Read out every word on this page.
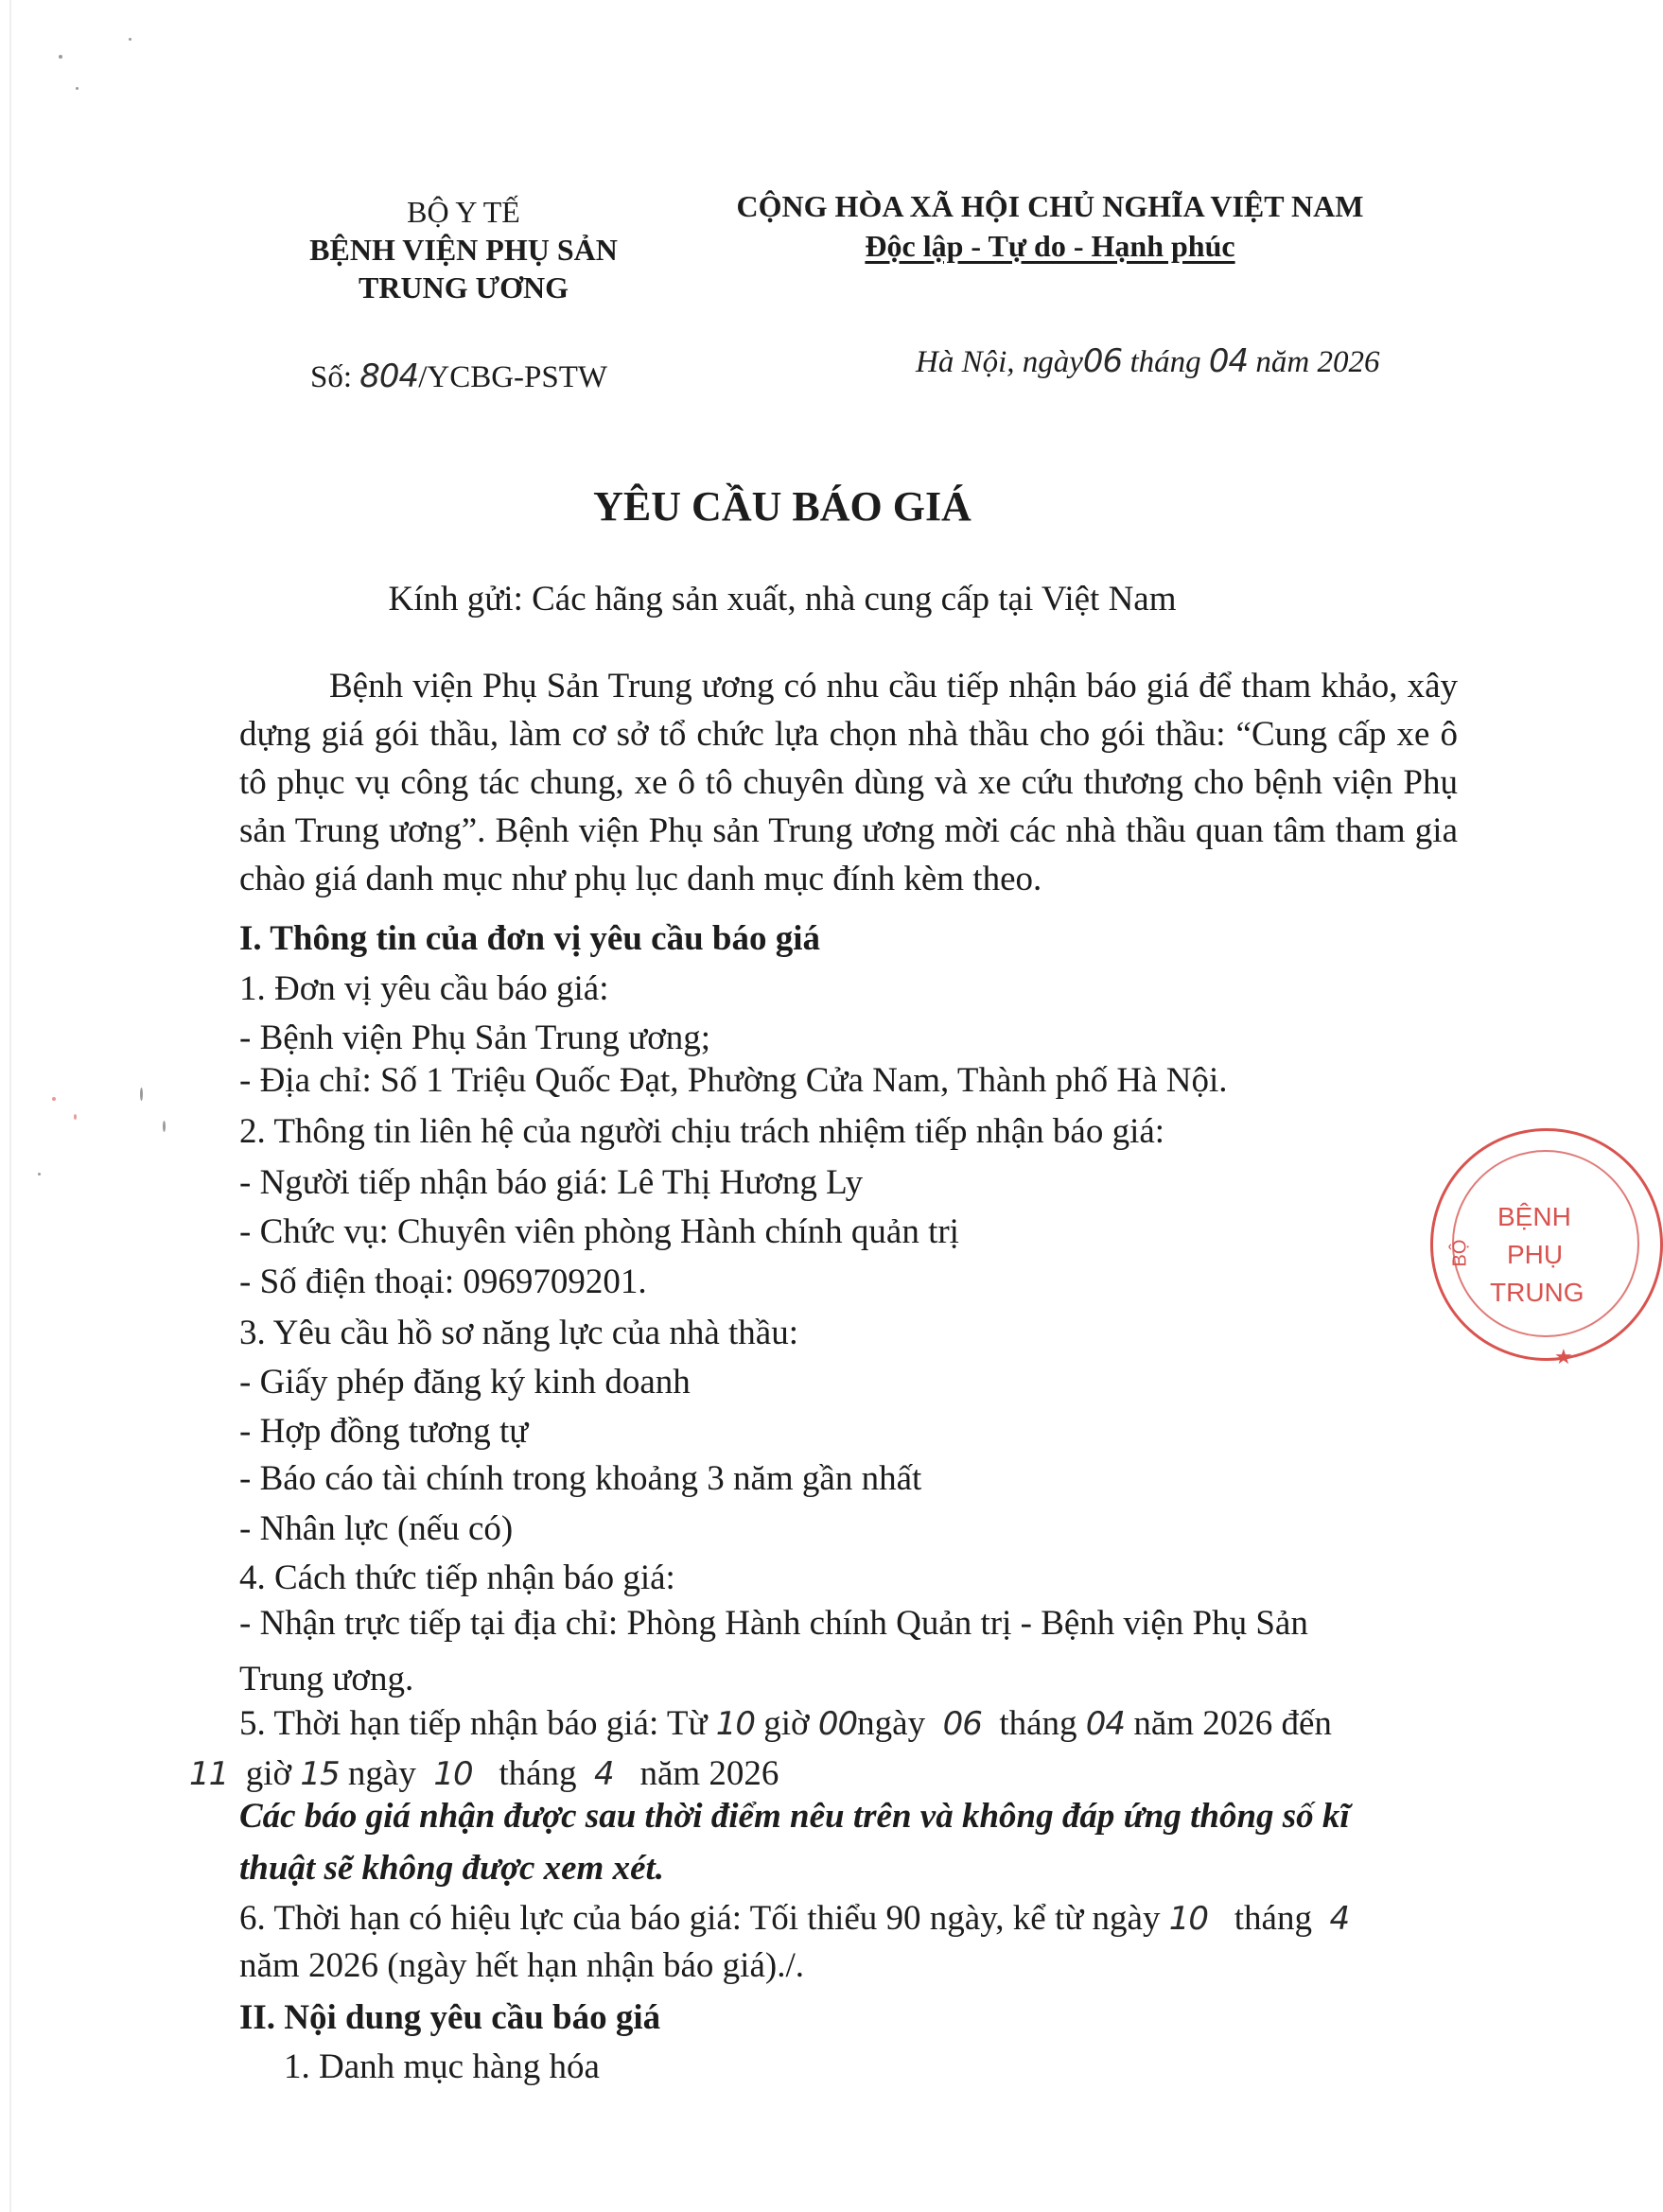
BỘ Y TẾ
BỆNH VIỆN PHỤ SẢN
TRUNG ƯƠNG
CỘNG HÒA XÃ HỘI CHỦ NGHĨA VIỆT NAM
Độc lập - Tự do - Hạnh phúc
Số: 804/YCBG-PSTW	Hà Nội, ngày06 tháng 04 năm 2026
YÊU CẦU BÁO GIÁ
Kính gửi: Các hãng sản xuất, nhà cung cấp tại Việt Nam
Bệnh viện Phụ Sản Trung ương có nhu cầu tiếp nhận báo giá để tham khảo, xây dựng giá gói thầu, làm cơ sở tổ chức lựa chọn nhà thầu cho gói thầu: “Cung cấp xe ô tô phục vụ công tác chung, xe ô tô chuyên dùng và xe cứu thương cho bệnh viện Phụ sản Trung ương”. Bệnh viện Phụ sản Trung ương mời các nhà thầu quan tâm tham gia chào giá danh mục như phụ lục danh mục đính kèm theo.
I. Thông tin của đơn vị yêu cầu báo giá
1. Đơn vị yêu cầu báo giá:
- Bệnh viện Phụ Sản Trung ương;
- Địa chỉ: Số 1 Triệu Quốc Đạt, Phường Cửa Nam, Thành phố Hà Nội.
2. Thông tin liên hệ của người chịu trách nhiệm tiếp nhận báo giá:
- Người tiếp nhận báo giá: Lê Thị Hương Ly
- Chức vụ: Chuyên viên phòng Hành chính quản trị
- Số điện thoại: 0969709201.
3. Yêu cầu hồ sơ năng lực của nhà thầu:
- Giấy phép đăng ký kinh doanh
- Hợp đồng tương tự
- Báo cáo tài chính trong khoảng 3 năm gần nhất
- Nhân lực (nếu có)
4. Cách thức tiếp nhận báo giá:
- Nhận trực tiếp tại địa chỉ: Phòng Hành chính Quản trị - Bệnh viện Phụ Sản
Trung ương.
5. Thời hạn tiếp nhận báo giá: Từ 10 giờ 00ngày 06 tháng 04 năm 2026 đến
11 giờ 15 ngày 10 tháng 4 năm 2026
Các báo giá nhận được sau thời điểm nêu trên và không đáp ứng thông số kĩ
thuật sẽ không được xem xét.
6. Thời hạn có hiệu lực của báo giá: Tối thiểu 90 ngày, kể từ ngày 10 tháng 4
năm 2026 (ngày hết hạn nhận báo giá)./.
II. Nội dung yêu cầu báo giá
1. Danh mục hàng hóa
BỆNH
PHỤ
TRUNG
BỘ
★
